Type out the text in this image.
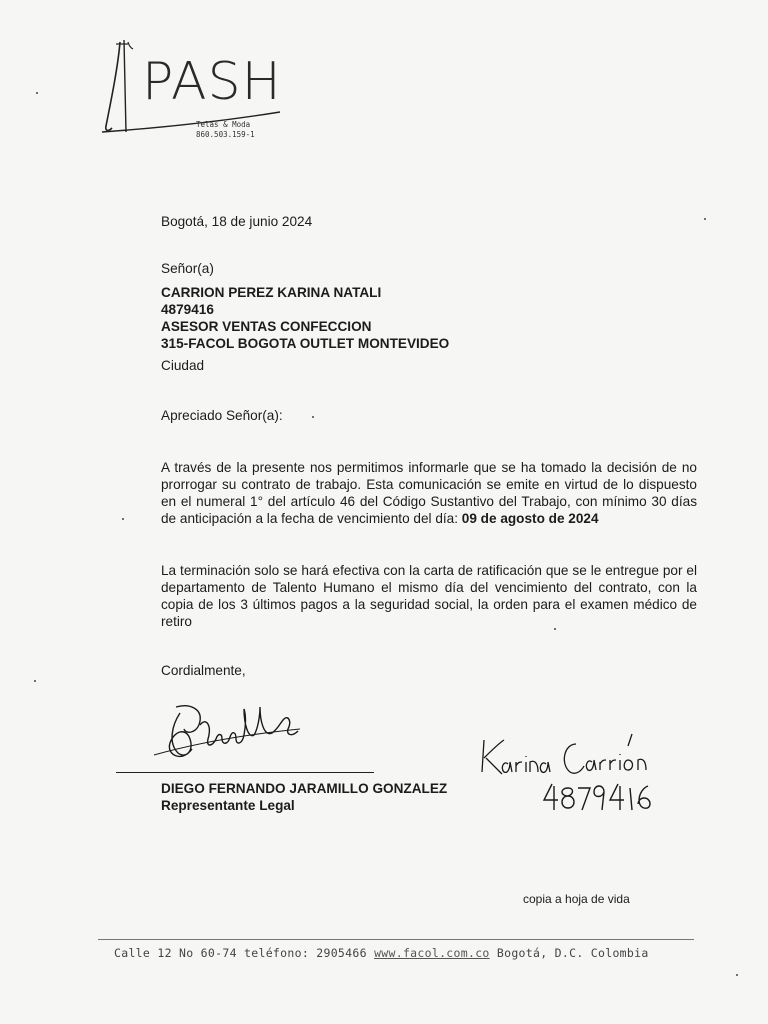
PASH
Telas & Moda
860.503.159-1
Bogotá, 18 de junio 2024
Señor(a)
CARRION PEREZ KARINA NATALI
4879416
ASESOR VENTAS CONFECCION
315-FACOL BOGOTA OUTLET MONTEVIDEO
Ciudad
Apreciado Señor(a):
A través de la presente nos permitimos informarle que se ha tomado la decisión de no prorrogar su contrato de trabajo. Esta comunicación se emite en virtud de lo dispuesto en el numeral 1° del artículo 46 del Código Sustantivo del Trabajo, con mínimo 30 días de anticipación a la fecha de vencimiento del día: 09 de agosto de 2024
La terminación solo se hará efectiva con la carta de ratificación que se le entregue por el departamento de Talento Humano el mismo día del vencimiento del contrato, con la copia de los 3 últimos pagos a la seguridad social, la orden para el examen médico de retiro
Cordialmente,
DIEGO FERNANDO JARAMILLO GONZALEZ
Representante Legal
copia a hoja de vida
Calle 12 No 60-74 teléfono: 2905466 www.facol.com.co Bogotá, D.C. Colombia
